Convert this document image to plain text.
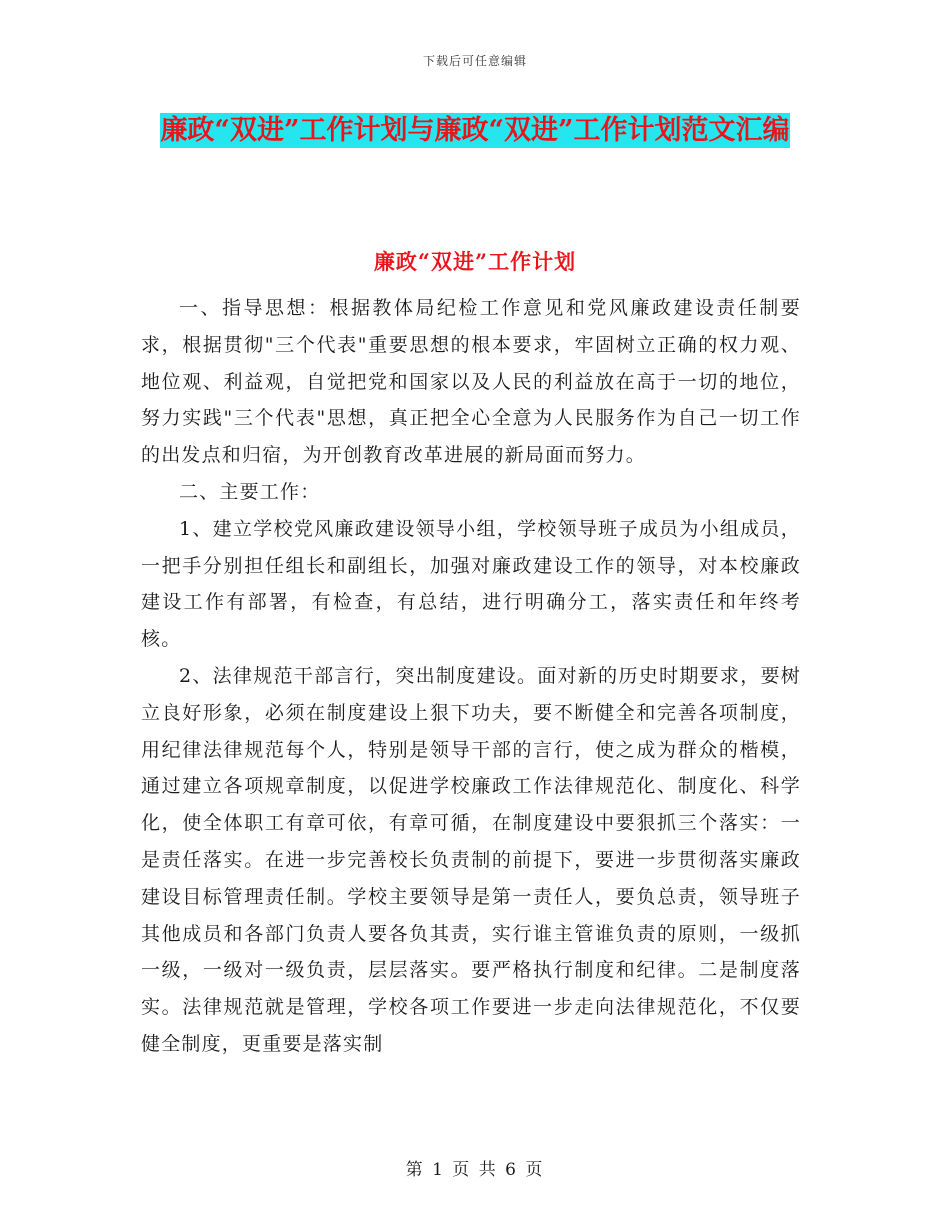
下载后可任意编辑
廉政“双进”工作计划与廉政“双进”工作计划范文汇编
廉政“双进”工作计划

一、指导思想：根据教体局纪检工作意见和党风廉政建设责任制要求，根据贯彻"三个代表"重要思想的根本要求，牢固树立正确的权力观、地位观、利益观，自觉把党和国家以及人民的利益放在高于一切的地位，努力实践"三个代表"思想，真正把全心全意为人民服务作为自己一切工作的出发点和归宿，为开创教育改革进展的新局面而努力。

二、主要工作：

1、建立学校党风廉政建设领导小组，学校领导班子成员为小组成员，一把手分别担任组长和副组长，加强对廉政建设工作的领导，对本校廉政建设工作有部署，有检查，有总结，进行明确分工，落实责任和年终考核。

2、法律规范干部言行，突出制度建设。面对新的历史时期要求，要树立良好形象，必须在制度建设上狠下功夫，要不断健全和完善各项制度，用纪律法律规范每个人，特别是领导干部的言行，使之成为群众的楷模，通过建立各项规章制度，以促进学校廉政工作法律规范化、制度化、科学化，使全体职工有章可依，有章可循，在制度建设中要狠抓三个落实：一是责任落实。在进一步完善校长负责制的前提下，要进一步贯彻落实廉政建设目标管理责任制。学校主要领导是第一责任人，要负总责，领导班子其他成员和各部门负责人要各负其责，实行谁主管谁负责的原则，一级抓一级，一级对一级负责，层层落实。要严格执行制度和纪律。二是制度落实。法律规范就是管理，学校各项工作要进一步走向法律规范化，不仅要健全制度，更重要是落实制

第 1 页 共 6 页
